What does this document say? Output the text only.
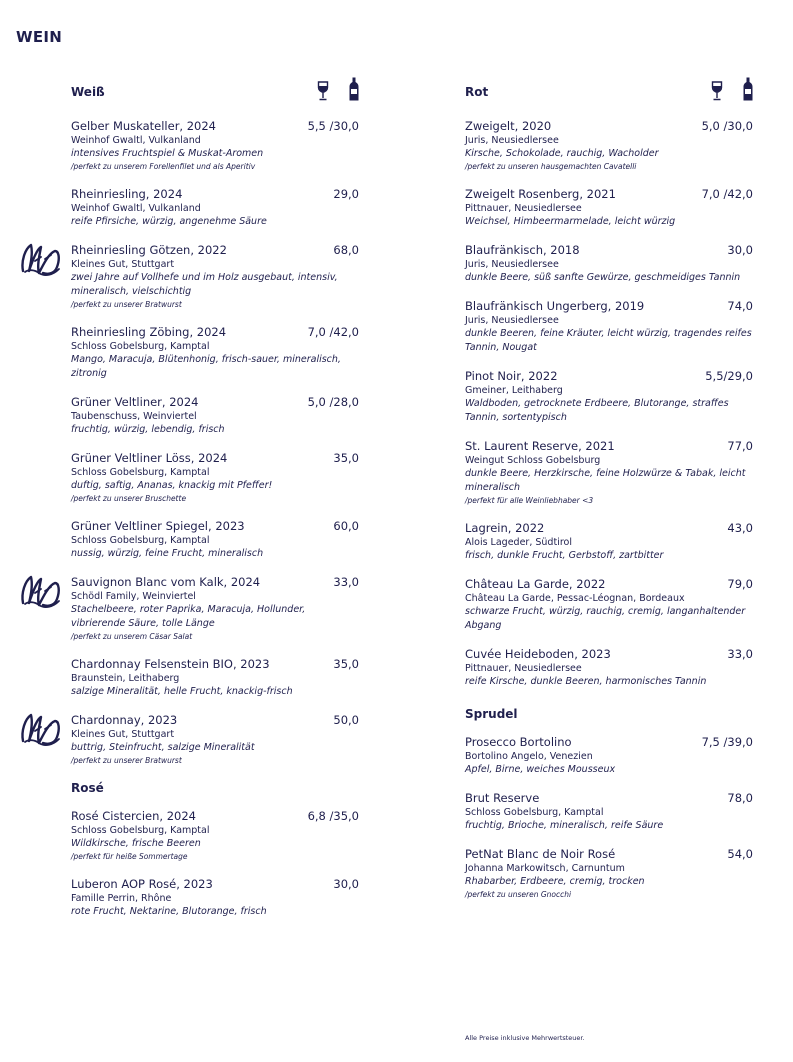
WEIN
Weiß
Gelber Muskateller, 2024	5,5 /30,0
Weinhof Gwaltl, Vulkanland
intensives Fruchtspiel & Muskat-Aromen
/perfekt zu unserem Forellenfilet und als Aperitiv
Rheinriesling, 2024	29,0
Weinhof Gwaltl, Vulkanland
reife Pfirsiche, würzig, angenehme Säure
Rheinriesling Götzen, 2022	68,0
Kleines Gut, Stuttgart
zwei Jahre auf Vollhefe und im Holz ausgebaut, intensiv, mineralisch, vielschichtig
/perfekt zu unserer Bratwurst
Rheinriesling Zöbing, 2024	7,0 /42,0
Schloss Gobelsburg, Kamptal
Mango, Maracuja, Blütenhonig, frisch-sauer, mineralisch, zitronig
Grüner Veltliner, 2024	5,0 /28,0
Taubenschuss, Weinviertel
fruchtig, würzig, lebendig, frisch
Grüner Veltliner Löss, 2024	35,0
Schloss Gobelsburg, Kamptal
duftig, saftig, Ananas, knackig mit Pfeffer!
/perfekt zu unserer Bruschette
Grüner Veltliner Spiegel, 2023	60,0
Schloss Gobelsburg, Kamptal
nussig, würzig, feine Frucht, mineralisch
Sauvignon Blanc vom Kalk, 2024	33,0
Schödl Family, Weinviertel
Stachelbeere, roter Paprika, Maracuja, Hollunder, vibrierende Säure, tolle Länge
/perfekt zu unserem Cäsar Salat
Chardonnay Felsenstein BIO, 2023	35,0
Braunstein, Leithaberg
salzige Mineralität, helle Frucht, knackig-frisch
Chardonnay, 2023	50,0
Kleines Gut, Stuttgart
buttrig, Steinfrucht, salzige Mineralität
/perfekt zu unserer Bratwurst
Rosé
Rosé Cistercien, 2024	6,8 /35,0
Schloss Gobelsburg, Kamptal
Wildkirsche, frische Beeren
/perfekt für heiße Sommertage
Luberon AOP Rosé, 2023	30,0
Famille Perrin, Rhône
rote Frucht, Nektarine, Blutorange, frisch
Rot
Zweigelt, 2020	5,0 /30,0
Juris, Neusiedlersee
Kirsche, Schokolade, rauchig, Wacholder
/perfekt zu unseren hausgemachten Cavatelli
Zweigelt Rosenberg, 2021	7,0 /42,0
Pittnauer, Neusiedlersee
Weichsel, Himbeermarmelade, leicht würzig
Blaufränkisch, 2018	30,0
Juris, Neusiedlersee
dunkle Beere, süß sanfte Gewürze, geschmeidiges Tannin
Blaufränkisch Ungerberg, 2019	74,0
Juris, Neusiedlersee
dunkle Beeren, feine Kräuter, leicht würzig, tragendes reifes Tannin, Nougat
Pinot Noir, 2022	5,5/29,0
Gmeiner, Leithaberg
Waldboden, getrocknete Erdbeere, Blutorange, straffes Tannin, sortentypisch
St. Laurent Reserve, 2021	77,0
Weingut Schloss Gobelsburg
dunkle Beere, Herzkirsche, feine Holzwürze & Tabak, leicht mineralisch
/perfekt für alle Weinliebhaber <3
Lagrein, 2022	43,0
Alois Lageder, Südtirol
frisch, dunkle Frucht, Gerbstoff, zartbitter
Château La Garde, 2022	79,0
Château La Garde, Pessac-Léognan, Bordeaux
schwarze Frucht, würzig, rauchig, cremig, langanhaltender Abgang
Cuvée Heideboden, 2023	33,0
Pittnauer, Neusiedlersee
reife Kirsche, dunkle Beeren, harmonisches Tannin
Sprudel
Prosecco Bortolino	7,5 /39,0
Bortolino Angelo, Venezien
Apfel, Birne, weiches Mousseux
Brut Reserve	78,0
Schloss Gobelsburg, Kamptal
fruchtig, Brioche, mineralisch, reife Säure
PetNat Blanc de Noir Rosé	54,0
Johanna Markowitsch, Carnuntum
Rhabarber, Erdbeere, cremig, trocken
/perfekt zu unseren Gnocchi
Alle Preise inklusive Mehrwertsteuer.
